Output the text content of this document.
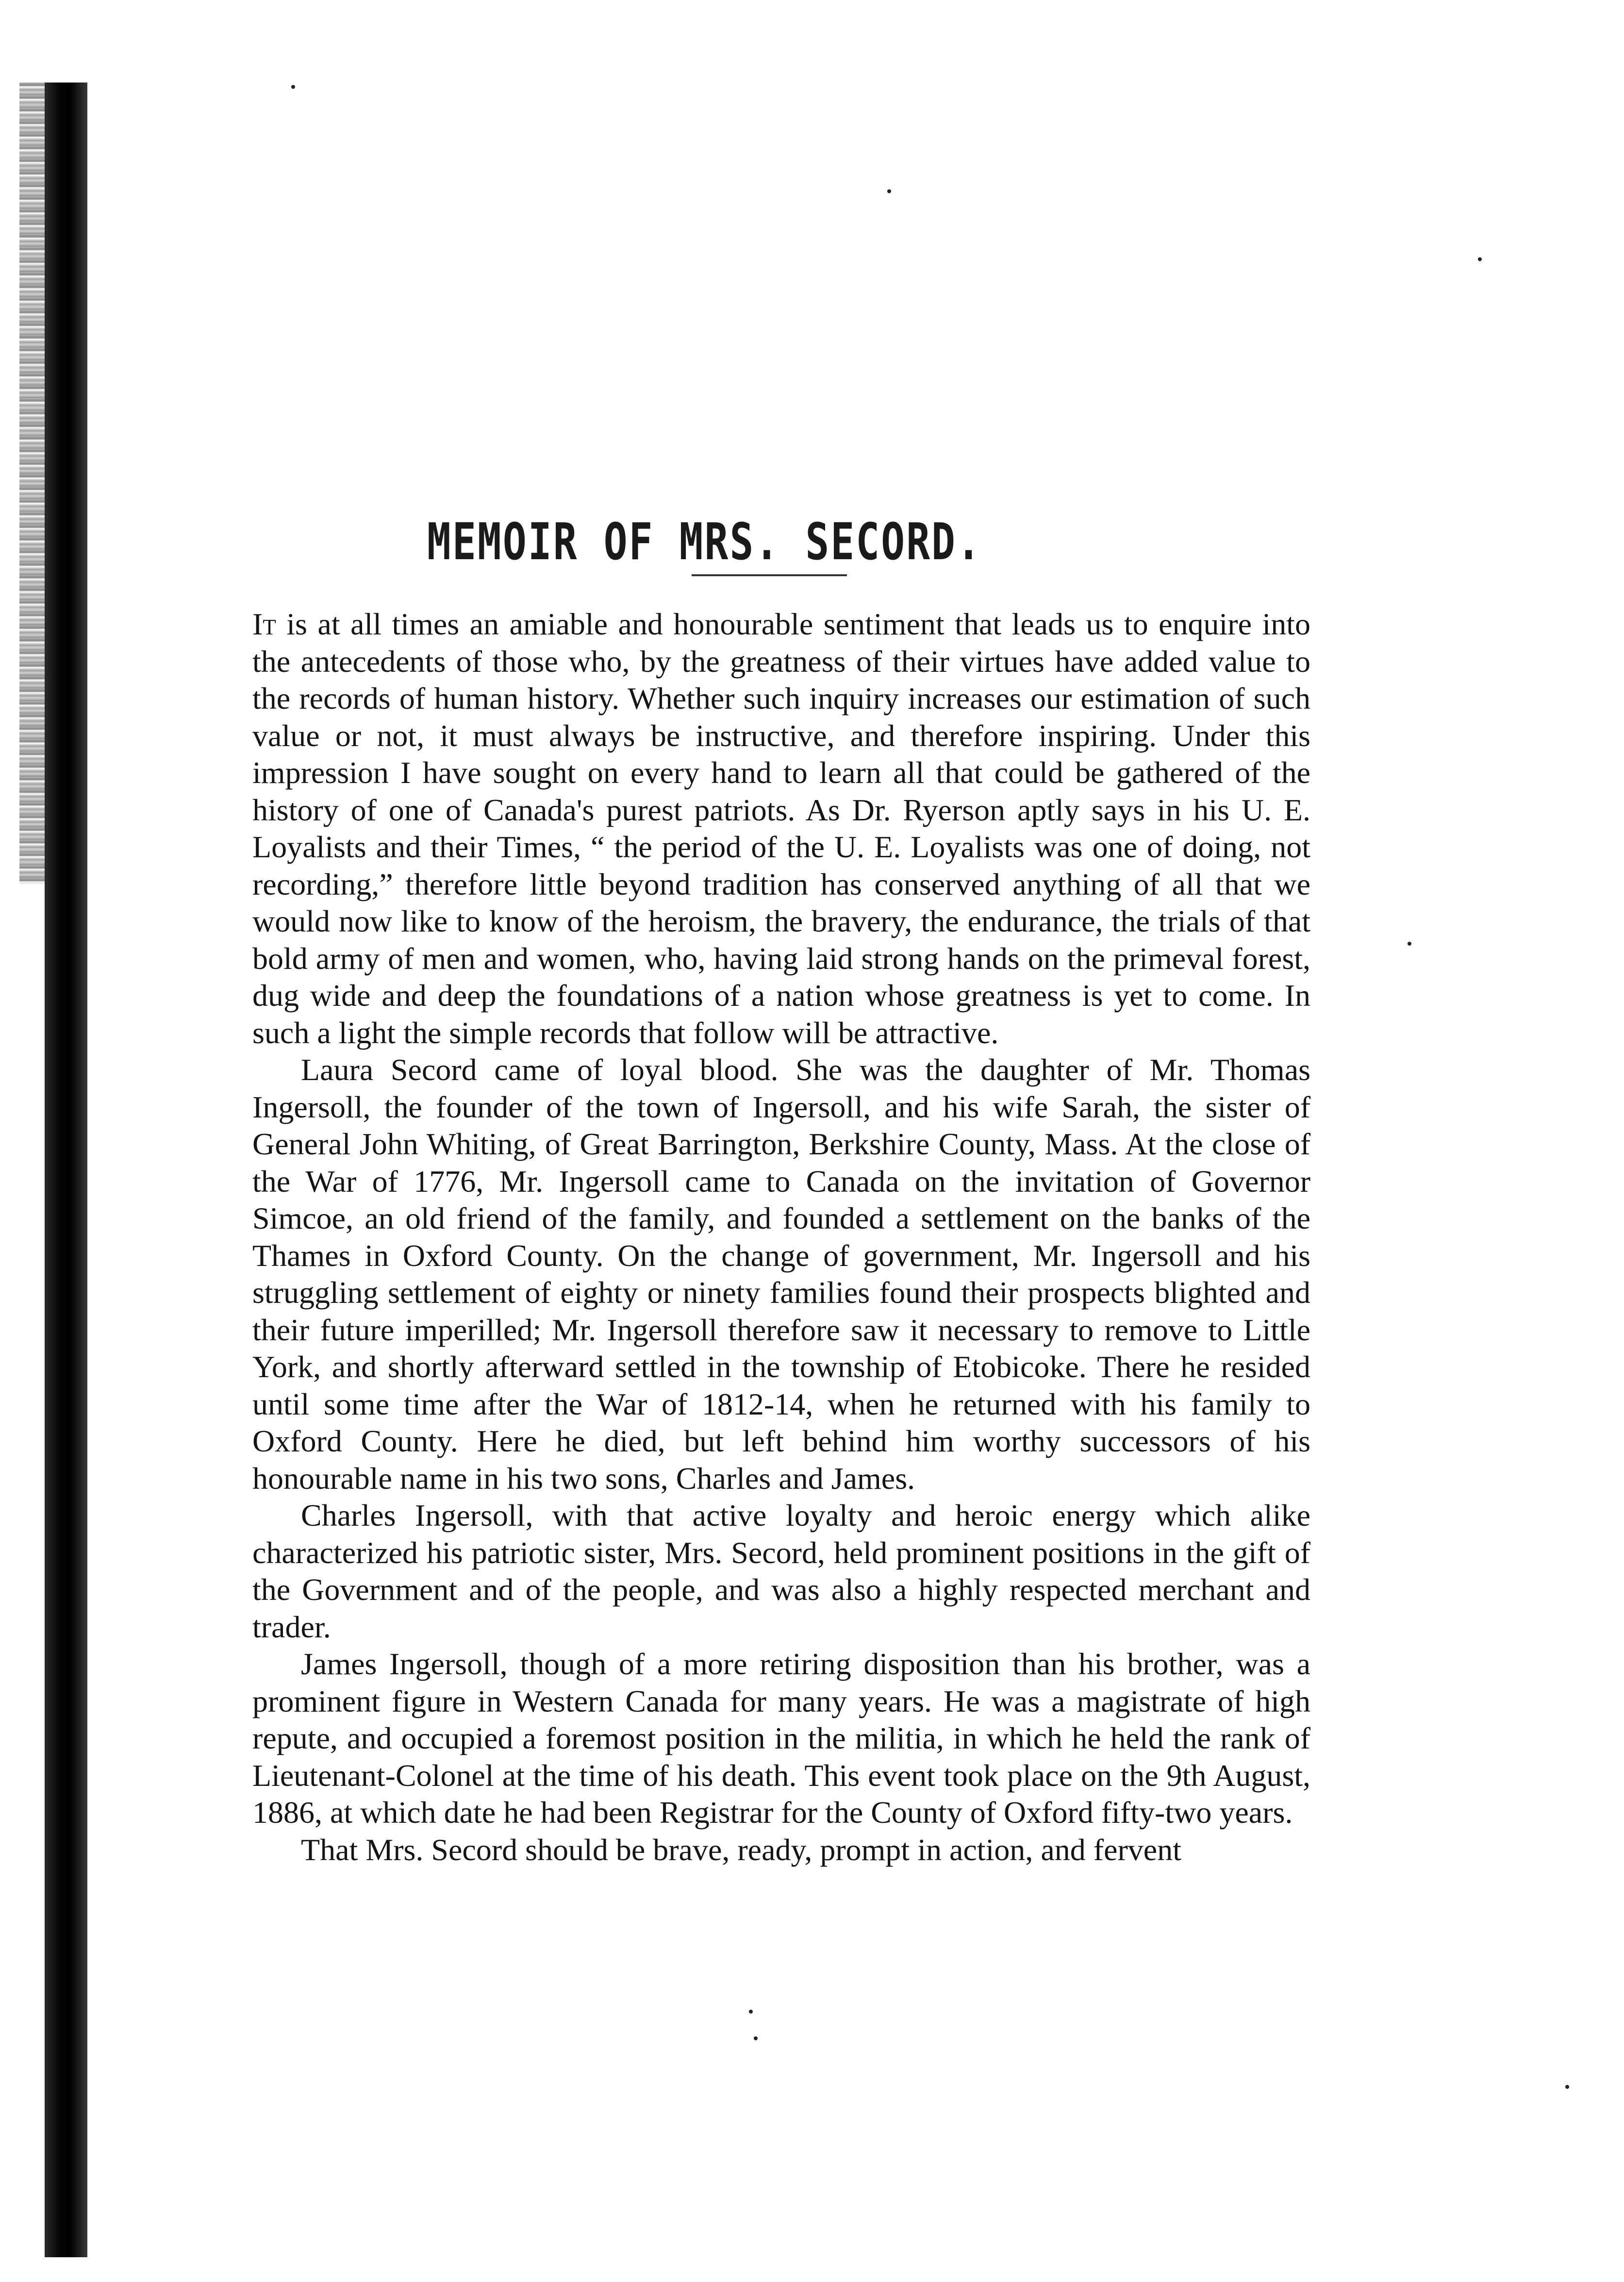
MEMOIR OF MRS. SECORD.

It is at all times an amiable and honourable sentiment that leads us to enquire into the antecedents of those who, by the greatness of their virtues have added value to the records of human history. Whether such inquiry increases our estimation of such value or not, it must always be instructive, and therefore inspiring. Under this impression I have sought on every hand to learn all that could be gathered of the history of one of Canada's purest patriots. As Dr. Ryerson aptly says in his U. E. Loyalists and their Times, “ the period of the U. E. Loyalists was one of doing, not recording,” therefore little beyond tradition has conserved anything of all that we would now like to know of the heroism, the bravery, the endurance, the trials of that bold army of men and women, who, having laid strong hands on the primeval forest, dug wide and deep the foundations of a nation whose greatness is yet to come. In such a light the simple records that follow will be attractive.

Laura Secord came of loyal blood. She was the daughter of Mr. Thomas Ingersoll, the founder of the town of Ingersoll, and his wife Sarah, the sister of General John Whiting, of Great Barrington, Berkshire County, Mass. At the close of the War of 1776, Mr. Ingersoll came to Canada on the invitation of Governor Simcoe, an old friend of the family, and founded a settlement on the banks of the Thames in Oxford County. On the change of government, Mr. Ingersoll and his struggling settlement of eighty or ninety families found their prospects blighted and their future imperilled; Mr. Ingersoll therefore saw it necessary to remove to Little York, and shortly afterward settled in the township of Etobicoke. There he resided until some time after the War of 1812-14, when he returned with his family to Oxford County. Here he died, but left behind him worthy successors of his honourable name in his two sons, Charles and James.

Charles Ingersoll, with that active loyalty and heroic energy which alike characterized his patriotic sister, Mrs. Secord, held prominent positions in the gift of the Government and of the people, and was also a highly respected merchant and trader.

James Ingersoll, though of a more retiring disposition than his brother, was a prominent figure in Western Canada for many years. He was a magistrate of high repute, and occupied a foremost position in the militia, in which he held the rank of Lieutenant-Colonel at the time of his death. This event took place on the 9th August, 1886, at which date he had been Registrar for the County of Oxford fifty-two years.

That Mrs. Secord should be brave, ready, prompt in action, and fervent
